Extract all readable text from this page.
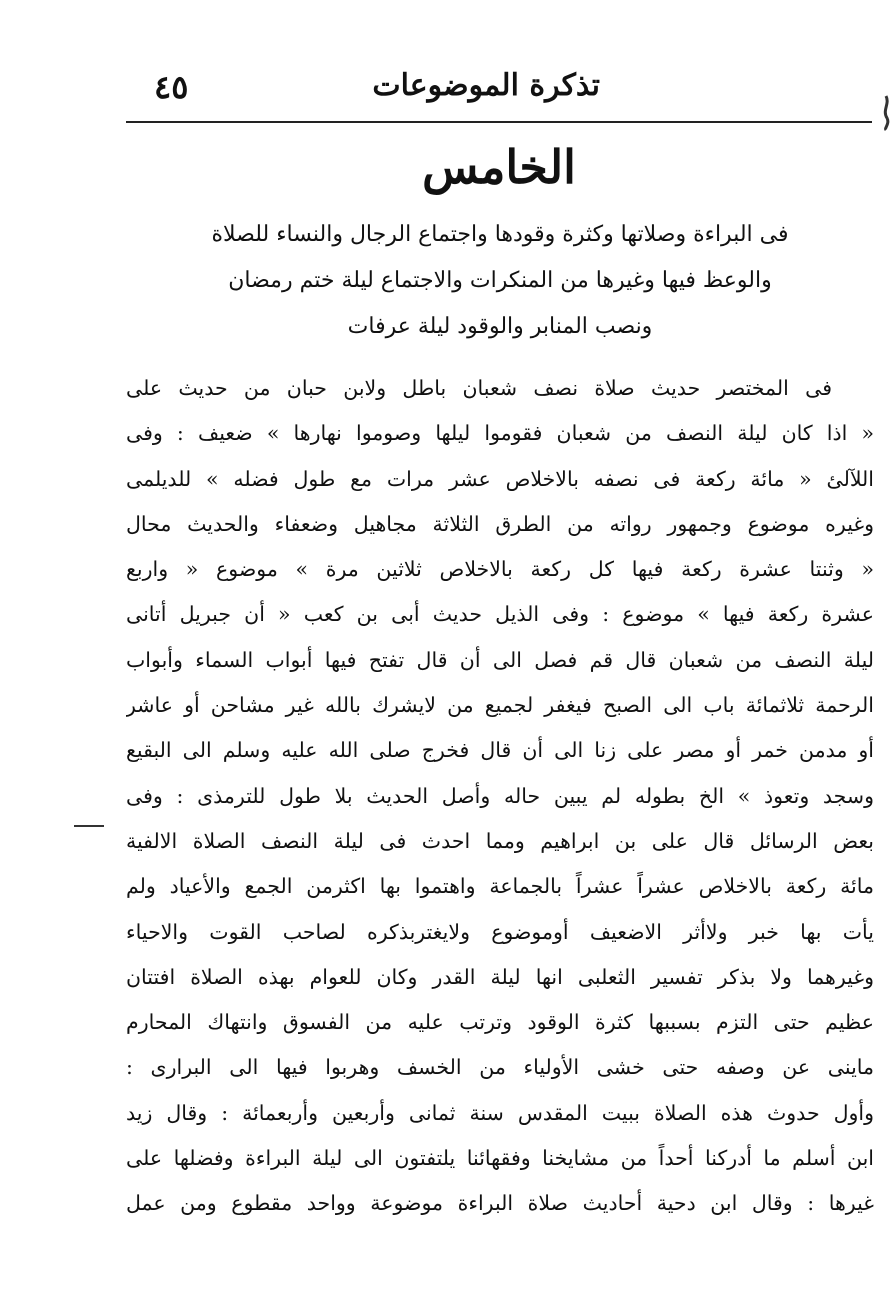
تذكرة الموضوعات
٤٥
الخامس
فى البراءة وصلاتها وكثرة وقودها واجتماع الرجال والنساء للصلاة
والوعظ فيها وغيرها من المنكرات والاجتماع ليلة ختم رمضان
ونصب المنابر والوقود ليلة عرفات
فى المختصر حديث صلاة نصف شعبان باطل ولابن حبان من حديث على
« اذا كان ليلة النصف من شعبان فقوموا ليلها وصوموا نهارها » ضعيف : وفى
اللآلئ « مائة ركعة فى نصفه بالاخلاص عشر مرات مع طول فضله » للديلمى
وغيره موضوع وجمهور رواته من الطرق الثلاثة مجاهيل وضعفاء والحديث محال
« وثنتا عشرة ركعة فيها كل ركعة بالاخلاص ثلاثين مرة » موضوع « واربع
عشرة ركعة فيها » موضوع : وفى الذيل حديث أبى بن كعب « أن جبريل أتانى
ليلة النصف من شعبان قال قم فصل الى أن قال تفتح فيها أبواب السماء وأبواب
الرحمة ثلاثمائة باب الى الصبح فيغفر لجميع من لايشرك بالله غير مشاحن أو عاشر
أو مدمن خمر أو مصر على زنا الى أن قال فخرج صلى الله عليه وسلم الى البقيع
وسجد وتعوذ » الخ بطوله لم يبين حاله وأصل الحديث بلا طول للترمذى : وفى
بعض الرسائل قال على بن ابراهيم ومما احدث فى ليلة النصف الصلاة الالفية
مائة ركعة بالاخلاص عشراً عشراً بالجماعة واهتموا بها اكثرمن الجمع والأعياد ولم
يأت بها خبر ولاأثر الاضعيف أوموضوع ولايغتربذكره لصاحب القوت والاحياء
وغيرهما ولا بذكر تفسير الثعلبى انها ليلة القدر وكان للعوام بهذه الصلاة افتتان
عظيم حتى التزم بسببها كثرة الوقود وترتب عليه من الفسوق وانتهاك المحارم
ماينى عن وصفه حتى خشى الأولياء من الخسف وهربوا فيها الى البرارى :
وأول حدوث هذه الصلاة ببيت المقدس سنة ثمانى وأربعين وأربعمائة : وقال زيد
ابن أسلم ما أدركنا أحداً من مشايخنا وفقهائنا يلتفتون الى ليلة البراءة وفضلها على
غيرها : وقال ابن دحية أحاديث صلاة البراءة موضوعة وواحد مقطوع ومن عمل
